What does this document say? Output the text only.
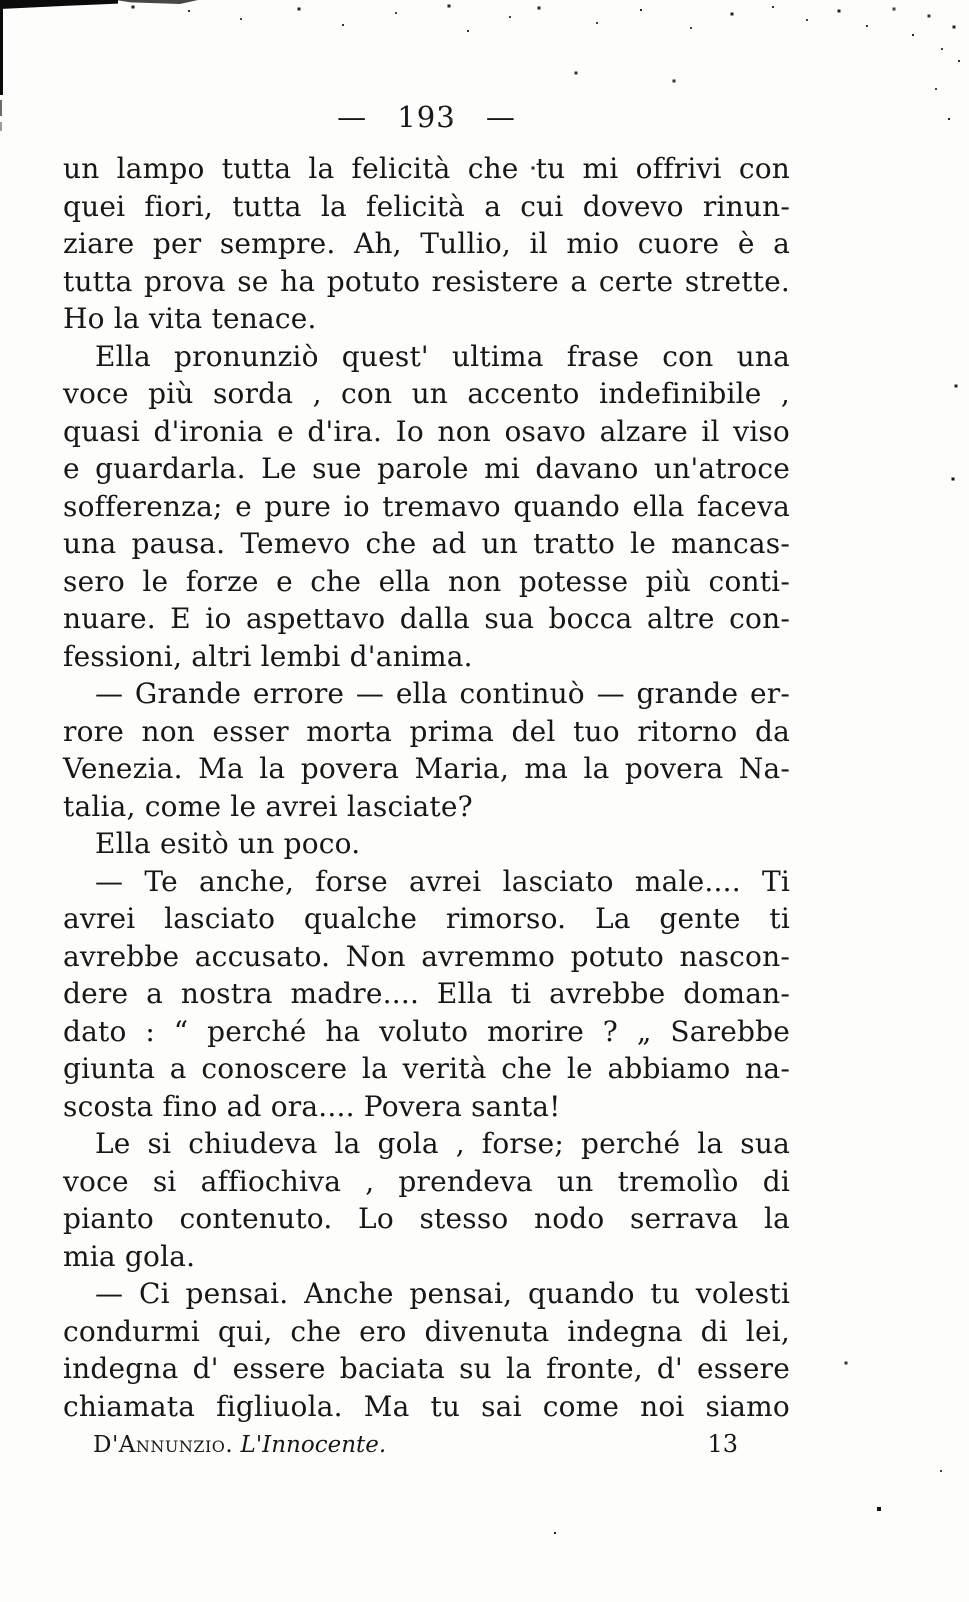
— 193 —
un lampo tutta la felicità che tu mi offrivi con
quei fiori, tutta la felicità a cui dovevo rinun-
ziare per sempre. Ah, Tullio, il mio cuore è a
tutta prova se ha potuto resistere a certe strette.
Ho la vita tenace.
Ella pronunziò quest' ultima frase con una
voce più sorda , con un accento indefinibile ,
quasi d'ironia e d'ira. Io non osavo alzare il viso
e guardarla. Le sue parole mi davano un'atroce
sofferenza; e pure io tremavo quando ella faceva
una pausa. Temevo che ad un tratto le mancas-
sero le forze e che ella non potesse più conti-
nuare. E io aspettavo dalla sua bocca altre con-
fessioni, altri lembi d'anima.
— Grande errore — ella continuò — grande er-
rore non esser morta prima del tuo ritorno da
Venezia. Ma la povera Maria, ma la povera Na-
talia, come le avrei lasciate?
Ella esitò un poco.
— Te anche, forse avrei lasciato male.... Ti
avrei lasciato qualche rimorso. La gente ti
avrebbe accusato. Non avremmo potuto nascon-
dere a nostra madre.... Ella ti avrebbe doman-
dato : “ perché ha voluto morire ? „ Sarebbe
giunta a conoscere la verità che le abbiamo na-
scosta fino ad ora.... Povera santa!
Le si chiudeva la gola , forse; perché la sua
voce si affiochiva , prendeva un tremolìo di
pianto contenuto. Lo stesso nodo serrava la
mia gola.
— Ci pensai. Anche pensai, quando tu volesti
condurmi qui, che ero divenuta indegna di lei,
indegna d' essere baciata su la fronte, d' essere
chiamata figliuola. Ma tu sai come noi siamo
D'Annunzio. L'Innocente.	13
